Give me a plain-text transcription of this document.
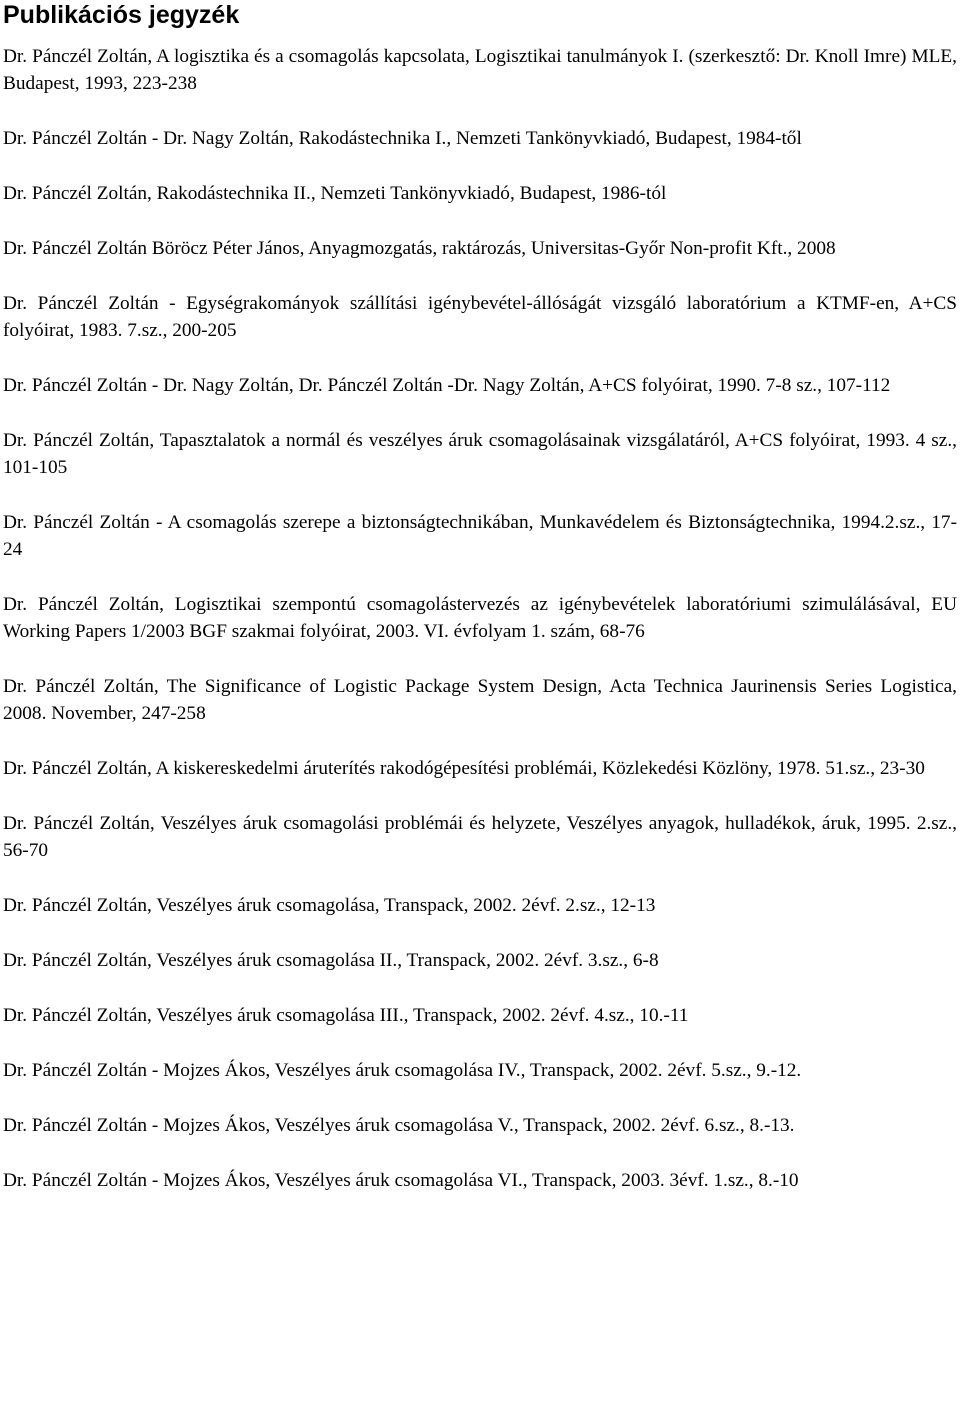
Publikációs jegyzék

Dr. Pánczél Zoltán, A logisztika és a csomagolás kapcsolata, Logisztikai tanulmányok I. (szerkesztő: Dr. Knoll Imre) MLE, Budapest, 1993, 223-238

Dr. Pánczél Zoltán - Dr. Nagy Zoltán, Rakodástechnika I., Nemzeti Tankönyvkiadó, Budapest, 1984-től

Dr. Pánczél Zoltán, Rakodástechnika II., Nemzeti Tankönyvkiadó, Budapest, 1986-tól

Dr. Pánczél Zoltán Böröcz Péter János, Anyagmozgatás, raktározás, Universitas-Győr Non-profit Kft., 2008

Dr. Pánczél Zoltán - Egységrakományok szállítási igénybevétel-állóságát vizsgáló laboratórium a KTMF-en, A+CS folyóirat, 1983. 7.sz., 200-205

Dr. Pánczél Zoltán - Dr. Nagy Zoltán, Dr. Pánczél Zoltán -Dr. Nagy Zoltán, A+CS folyóirat, 1990. 7-8 sz., 107-112

Dr. Pánczél Zoltán, Tapasztalatok a normál és veszélyes áruk csomagolásainak vizsgálatáról, A+CS folyóirat, 1993. 4 sz., 101-105

Dr. Pánczél Zoltán - A csomagolás szerepe a biztonságtechnikában, Munkavédelem és Biztonságtechnika, 1994.2.sz., 17-24

Dr. Pánczél Zoltán, Logisztikai szempontú csomagolástervezés az igénybevételek laboratóriumi szimulálásával, EU Working Papers 1/2003 BGF szakmai folyóirat, 2003. VI. évfolyam 1. szám, 68-76

Dr. Pánczél Zoltán, The Significance of Logistic Package System Design, Acta Technica Jaurinensis Series Logistica, 2008. November, 247-258

Dr. Pánczél Zoltán, A kiskereskedelmi áruterítés rakodógépesítési problémái, Közlekedési Közlöny, 1978. 51.sz., 23-30

Dr. Pánczél Zoltán, Veszélyes áruk csomagolási problémái és helyzete, Veszélyes anyagok, hulladékok, áruk, 1995. 2.sz., 56-70

Dr. Pánczél Zoltán, Veszélyes áruk csomagolása, Transpack, 2002. 2évf. 2.sz., 12-13

Dr. Pánczél Zoltán, Veszélyes áruk csomagolása II., Transpack, 2002. 2évf. 3.sz., 6-8

Dr. Pánczél Zoltán, Veszélyes áruk csomagolása III., Transpack, 2002. 2évf. 4.sz., 10.-11

Dr. Pánczél Zoltán - Mojzes Ákos, Veszélyes áruk csomagolása IV., Transpack, 2002. 2évf. 5.sz., 9.-12.

Dr. Pánczél Zoltán - Mojzes Ákos, Veszélyes áruk csomagolása V., Transpack, 2002. 2évf. 6.sz., 8.-13.

Dr. Pánczél Zoltán - Mojzes Ákos, Veszélyes áruk csomagolása VI., Transpack, 2003. 3évf. 1.sz., 8.-10
